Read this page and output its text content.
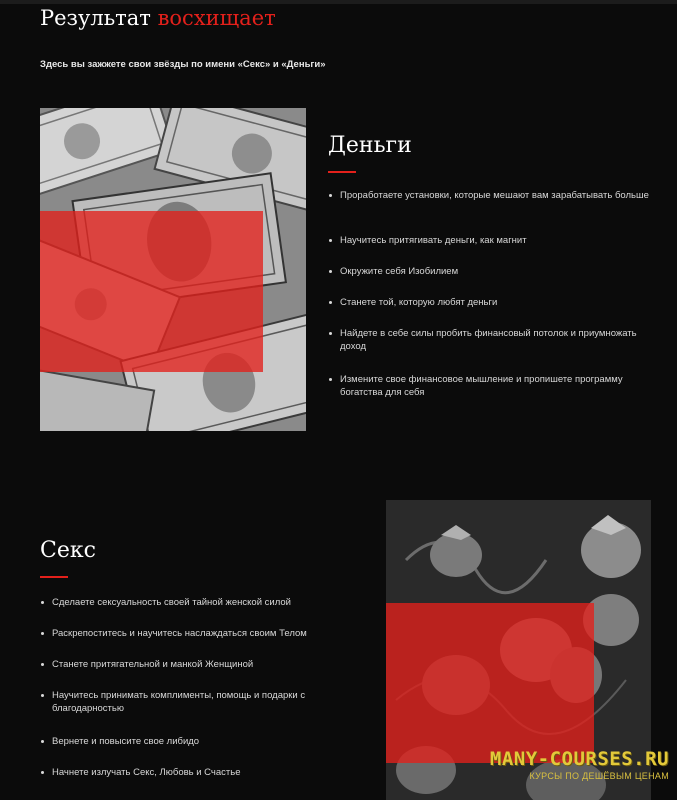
Результат восхищает

Здесь вы зажжете свои звёзды по имени «Секс» и «Деньги»

Деньги
Проработаете установки, которые мешают вам зарабатывать больше
Научитесь притягивать деньги, как магнит
Окружите себя Изобилием
Станете той, которую любят деньги
Найдете в себе силы пробить финансовый потолок и приумножать доход
Измените свое финансовое мышление и пропишете программу богатства для себя
Секс
Сделаете сексуальность своей тайной женской силой
Раскрепоститесь и научитесь наслаждаться своим Телом
Станете притягательной и манкой Женщиной
Научитесь принимать комплименты, помощь и подарки с благодарностью
Вернете и повысите свое либидо
Начнете излучать Секс, Любовь и Счастье
MANY-COURSES.RU
КУРСЫ ПО ДЕШЁВЫМ ЦЕНАМ
